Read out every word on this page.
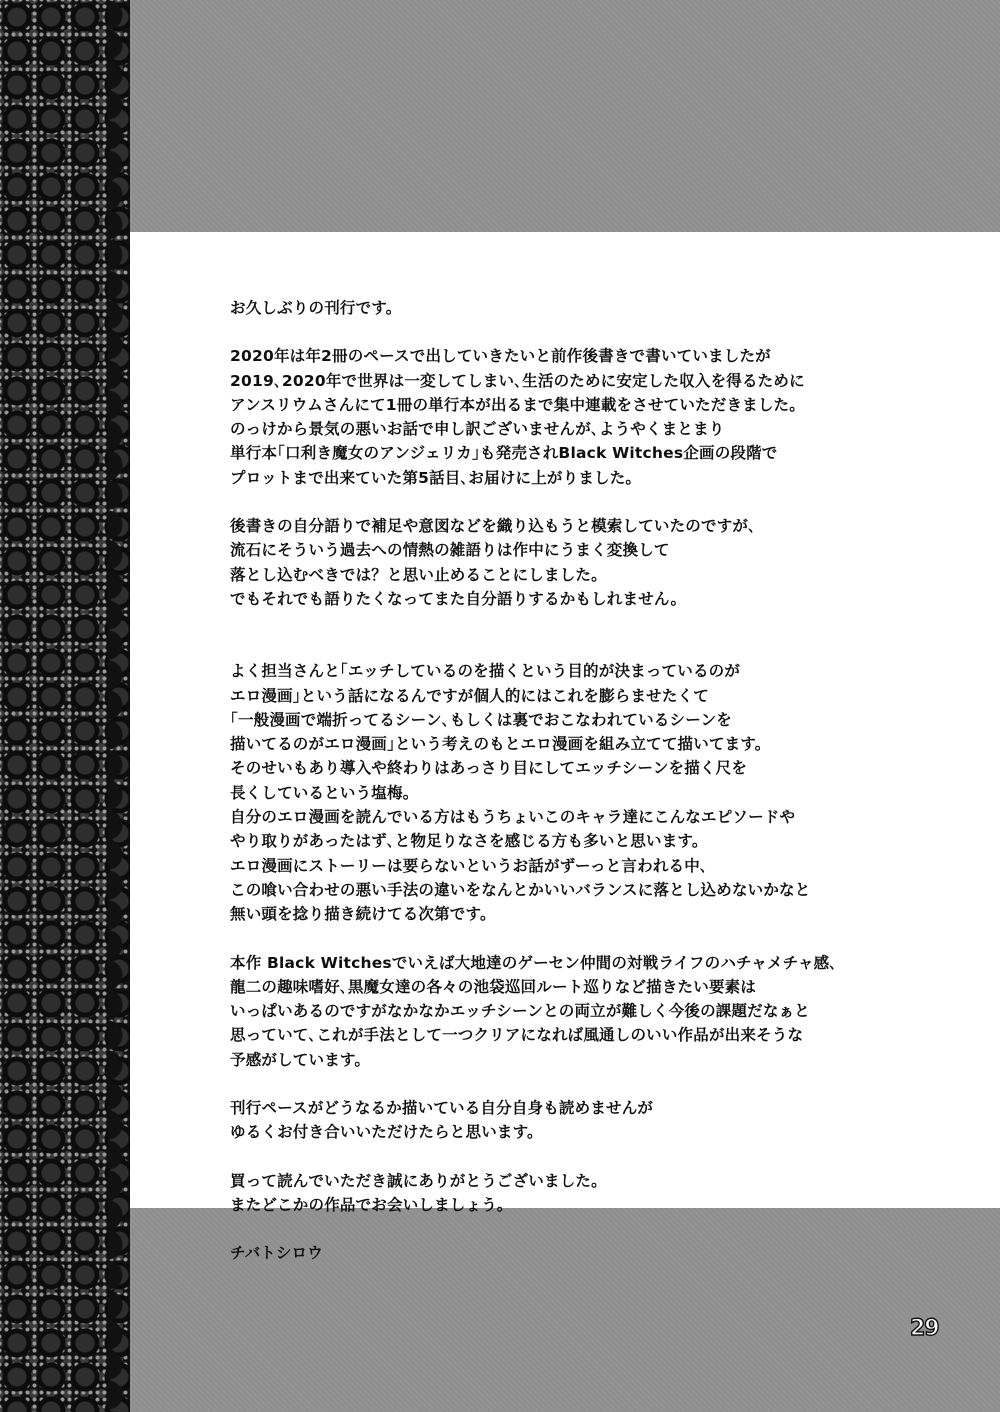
お久しぶりの刊行です。
2020年は年2冊のペースで出していきたいと前作後書きで書いていましたが
2019､2020年で世界は一変してしまい､生活のために安定した収入を得るために
アンスリウムさんにて1冊の単行本が出るまで集中連載をさせていただきました。
のっけから景気の悪いお話で申し訳ございませんが､ようやくまとまり
単行本｢口利き魔女のアンジェリカ｣も発売されBlack Witches企画の段階で
プロットまで出来ていた第5話目､お届けに上がりました。
後書きの自分語りで補足や意図などを織り込もうと模索していたのですが､
流石にそういう過去への情熱の雑語りは作中にうまく変換して
落とし込むべきでは？と思い止めることにしました。
でもそれでも語りたくなってまた自分語りするかもしれません。
よく担当さんと｢エッチしているのを描くという目的が決まっているのが
エロ漫画｣という話になるんですが個人的にはこれを膨らませたくて
｢一般漫画で端折ってるシーン､もしくは裏でおこなわれているシーンを
描いてるのがエロ漫画｣という考えのもとエロ漫画を組み立てて描いてます。
そのせいもあり導入や終わりはあっさり目にしてエッチシーンを描く尺を
長くしているという塩梅。
自分のエロ漫画を読んでいる方はもうちょいこのキャラ達にこんなエピソードや
やり取りがあったはず､と物足りなさを感じる方も多いと思います。
エロ漫画にストーリーは要らないというお話がずーっと言われる中､
この喰い合わせの悪い手法の違いをなんとかいいバランスに落とし込めないかなと
無い頭を捻り描き続けてる次第です。
本作 Black Witchesでいえば大地達のゲーセン仲間の対戦ライフのハチャメチャ感､
龍二の趣味嗜好､黒魔女達の各々の池袋巡回ルート巡りなど描きたい要素は
いっぱいあるのですがなかなかエッチシーンとの両立が難しく今後の課題だなぁと
思っていて､これが手法として一つクリアになれば風通しのいい作品が出来そうな
予感がしています。
刊行ペースがどうなるか描いている自分自身も読めませんが
ゆるくお付き合いいただけたらと思います。
買って読んでいただき誠にありがとうございました。
またどこかの作品でお会いしましょう。
チバトシロウ
29
